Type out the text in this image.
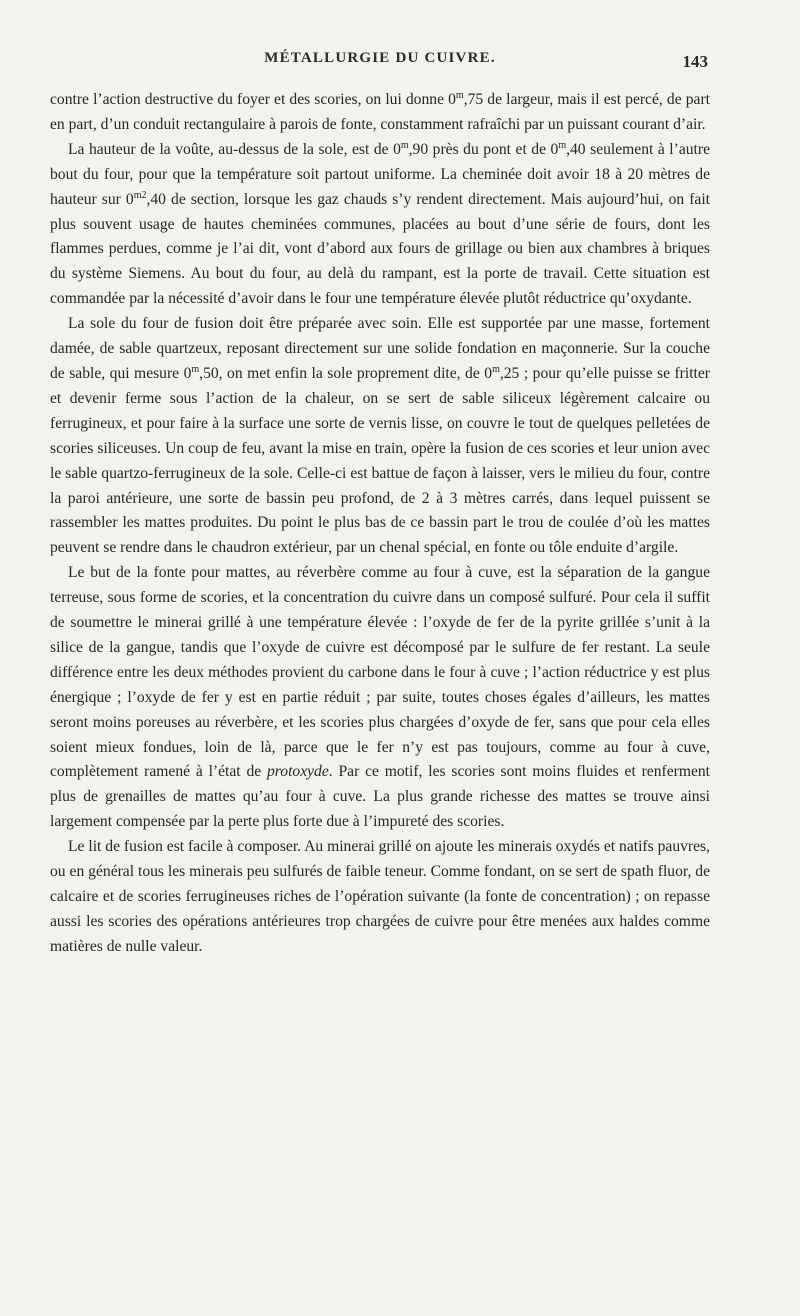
MÉTALLURGIE DU CUIVRE.	143

contre l’action destructive du foyer et des scories, on lui donne 0$^m$,75 de largeur, mais il est percé, de part en part, d’un conduit rectangulaire à parois de fonte, constamment rafraîchi par un puissant courant d’air.

La hauteur de la voûte, au-dessus de la sole, est de 0$^m$,90 près du pont et de 0$^m$,40 seulement à l’autre bout du four, pour que la température soit partout uniforme. La cheminée doit avoir 18 à 20 mètres de hauteur sur $0^{m2},40$ de section, lorsque les gaz chauds s’y rendent directement. Mais aujourd’hui, on fait plus souvent usage de hautes cheminées communes, placées au bout d’une série de fours, dont les flammes perdues, comme je l’ai dit, vont d’abord aux fours de grillage ou bien aux chambres à briques du système Siemens. Au bout du four, au delà du rampant, est la porte de travail. Cette situation est commandée par la nécessité d’avoir dans le four une température élevée plutôt réductrice qu’oxydante.

La sole du four de fusion doit être préparée avec soin. Elle est supportée par une masse, fortement damée, de sable quartzeux, reposant directement sur une solide fondation en maçonnerie. Sur la couche de sable, qui mesure 0$^m$,50, on met enfin la sole proprement dite, de 0$^m$,25 ; pour qu’elle puisse se fritter et devenir ferme sous l’action de la chaleur, on se sert de sable siliceux légèrement calcaire ou ferrugineux, et pour faire à la surface une sorte de vernis lisse, on couvre le tout de quelques pelletées de scories siliceuses. Un coup de feu, avant la mise en train, opère la fusion de ces scories et leur union avec le sable quartzo-ferrugineux de la sole. Celle-ci est battue de façon à laisser, vers le milieu du four, contre la paroi antérieure, une sorte de bassin peu profond, de 2 à 3 mètres carrés, dans lequel puissent se rassembler les mattes produites. Du point le plus bas de ce bassin part le trou de coulée d’où les mattes peuvent se rendre dans le chaudron extérieur, par un chenal spécial, en fonte ou tôle enduite d’argile.

Le but de la fonte pour mattes, au réverbère comme au four à cuve, est la séparation de la gangue terreuse, sous forme de scories, et la concentration du cuivre dans un composé sulfuré. Pour cela il suffit de soumettre le minerai grillé à une température élevée : l’oxyde de fer de la pyrite grillée s’unit à la silice de la gangue, tandis que l’oxyde de cuivre est décomposé par le sulfure de fer restant. La seule différence entre les deux méthodes provient du carbone dans le four à cuve ; l’action réductrice y est plus énergique ; l’oxyde de fer y est en partie réduit ; par suite, toutes choses égales d’ailleurs, les mattes seront moins poreuses au réverbère, et les scories plus chargées d’oxyde de fer, sans que pour cela elles soient mieux fondues, loin de là, parce que le fer n’y est pas toujours, comme au four à cuve, complètement ramené à l’état de protoxyde. Par ce motif, les scories sont moins fluides et renferment plus de grenailles de mattes qu’au four à cuve. La plus grande richesse des mattes se trouve ainsi largement compensée par la perte plus forte due à l’impureté des scories.

Le lit de fusion est facile à composer. Au minerai grillé on ajoute les minerais oxydés et natifs pauvres, ou en général tous les minerais peu sulfurés de faible teneur. Comme fondant, on se sert de spath fluor, de calcaire et de scories ferrugineuses riches de l’opération suivante (la fonte de concentration) ; on repasse aussi les scories des opérations antérieures trop chargées de cuivre pour être menées aux haldes comme matières de nulle valeur.
